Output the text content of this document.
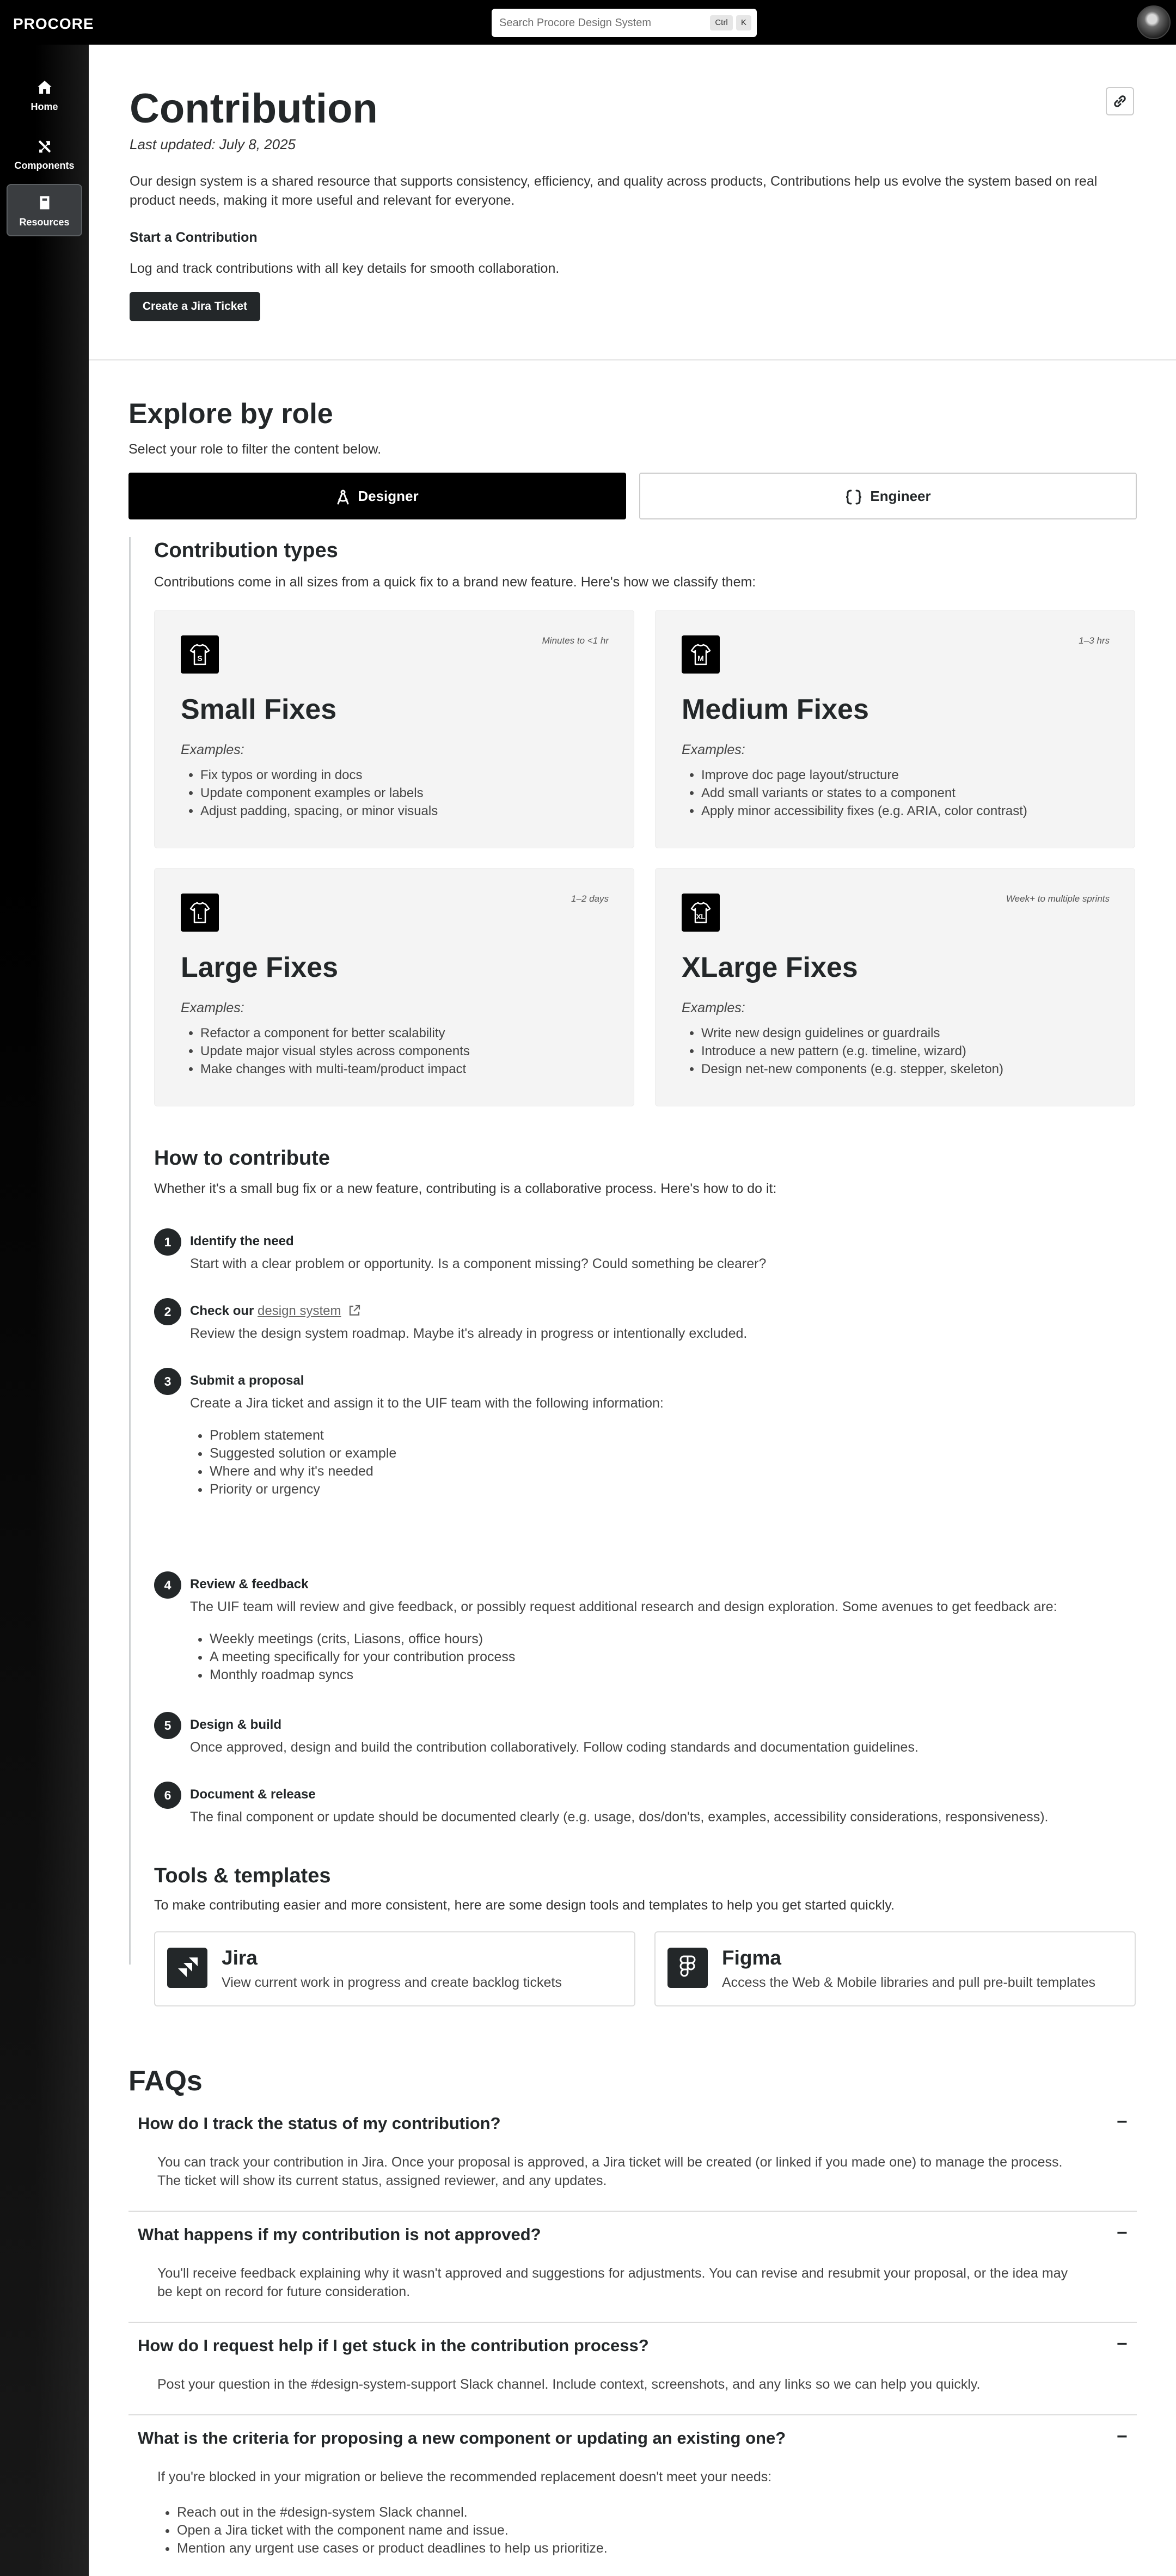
PROCORE
Search Procore Design System	Ctrl	K
Home
Components
Resources
Contribution
Last updated: July 8, 2025

Our design system is a shared resource that supports consistency, efficiency, and quality across products, Contributions help us evolve the system based on real product needs, making it more useful and relevant for everyone.

Start a Contribution
Log and track contributions with all key details for smooth collaboration.
Create a Jira Ticket
Explore by role
Select your role to filter the content below.
Designer	Engineer
Contribution types
Contributions come in all sizes from a quick fix to a brand new feature. Here's how we classify them:
S
Minutes to <1 hr
Small Fixes
Examples:
• Fix typos or wording in docs
• Update component examples or labels
• Adjust padding, spacing, or minor visuals
M
1–3 hrs
Medium Fixes
Examples:
• Improve doc page layout/structure
• Add small variants or states to a component
• Apply minor accessibility fixes (e.g. ARIA, color contrast)
L
1–2 days
Large Fixes
Examples:
• Refactor a component for better scalability
• Update major visual styles across components
• Make changes with multi-team/product impact
XL
Week+ to multiple sprints
XLarge Fixes
Examples:
• Write new design guidelines or guardrails
• Introduce a new pattern (e.g. timeline, wizard)
• Design net-new components (e.g. stepper, skeleton)
How to contribute
Whether it's a small bug fix or a new feature, contributing is a collaborative process. Here's how to do it:
1	Identify the need
Start with a clear problem or opportunity. Is a component missing? Could something be clearer?
2	Check our design system
Review the design system roadmap. Maybe it's already in progress or intentionally excluded.
3	Submit a proposal
Create a Jira ticket and assign it to the UIF team with the following information:
• Problem statement
• Suggested solution or example
• Where and why it's needed
• Priority or urgency
4	Review & feedback
The UIF team will review and give feedback, or possibly request additional research and design exploration. Some avenues to get feedback are:
• Weekly meetings (crits, Liasons, office hours)
• A meeting specifically for your contribution process
• Monthly roadmap syncs
5	Design & build
Once approved, design and build the contribution collaboratively. Follow coding standards and documentation guidelines.
6	Document & release
The final component or update should be documented clearly (e.g. usage, dos/don'ts, examples, accessibility considerations, responsiveness).
Tools & templates
To make contributing easier and more consistent, here are some design tools and templates to help you get started quickly.
Jira
View current work in progress and create backlog tickets
Figma
Access the Web & Mobile libraries and pull pre-built templates
FAQs
How do I track the status of my contribution?	−
You can track your contribution in Jira. Once your proposal is approved, a Jira ticket will be created (or linked if you made one) to manage the process. The ticket will show its current status, assigned reviewer, and any updates.
What happens if my contribution is not approved?	−
You'll receive feedback explaining why it wasn't approved and suggestions for adjustments. You can revise and resubmit your proposal, or the idea may be kept on record for future consideration.
How do I request help if I get stuck in the contribution process?	−
Post your question in the #design-system-support Slack channel. Include context, screenshots, and any links so we can help you quickly.
What is the criteria for proposing a new component or updating an existing one?	−
If you're blocked in your migration or believe the recommended replacement doesn't meet your needs:
• Reach out in the #design-system Slack channel.
• Open a Jira ticket with the component name and issue.
• Mention any urgent use cases or product deadlines to help us prioritize.
